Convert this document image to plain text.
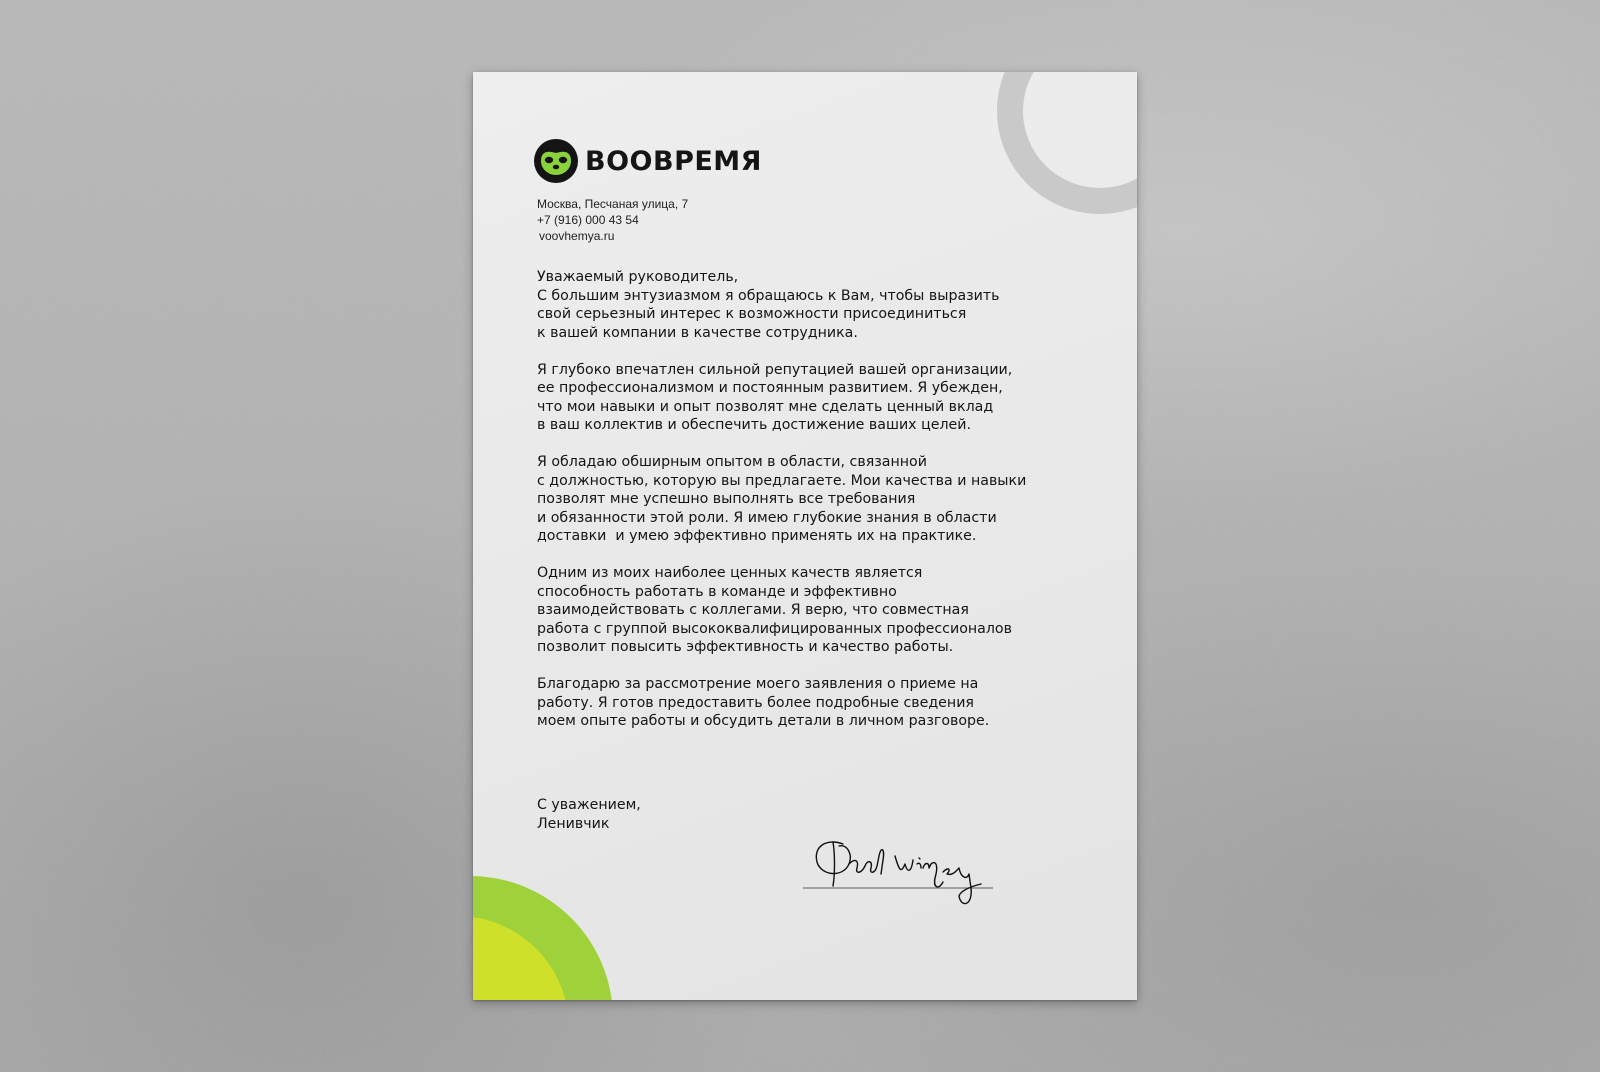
ВООВРЕМЯ
Москва, Песчаная улица, 7
+7 (916) 000 43 54
voovhemya.ru
Уважаемый руководитель,
С большим энтузиазмом я обращаюсь к Вам, чтобы выразить
свой серьезный интерес к возможности присоединиться
к вашей компании в качестве сотрудника.
Я глубоко впечатлен сильной репутацией вашей организации,
ее профессионализмом и постоянным развитием. Я убежден,
что мои навыки и опыт позволят мне сделать ценный вклад
в ваш коллектив и обеспечить достижение ваших целей.
Я обладаю обширным опытом в области, связанной
с должностью, которую вы предлагаете. Мои качества и навыки
позволят мне успешно выполнять все требования
и обязанности этой роли. Я имею глубокие знания в области
доставки  и умею эффективно применять их на практике.
Одним из моих наиболее ценных качеств является
способность работать в команде и эффективно
взаимодействовать с коллегами. Я верю, что совместная
работа с группой высококвалифицированных профессионалов
позволит повысить эффективность и качество работы.
Благодарю за рассмотрение моего заявления о приеме на
работу. Я готов предоставить более подробные сведения
моем опыте работы и обсудить детали в личном разговоре.
С уважением,
Ленивчик
